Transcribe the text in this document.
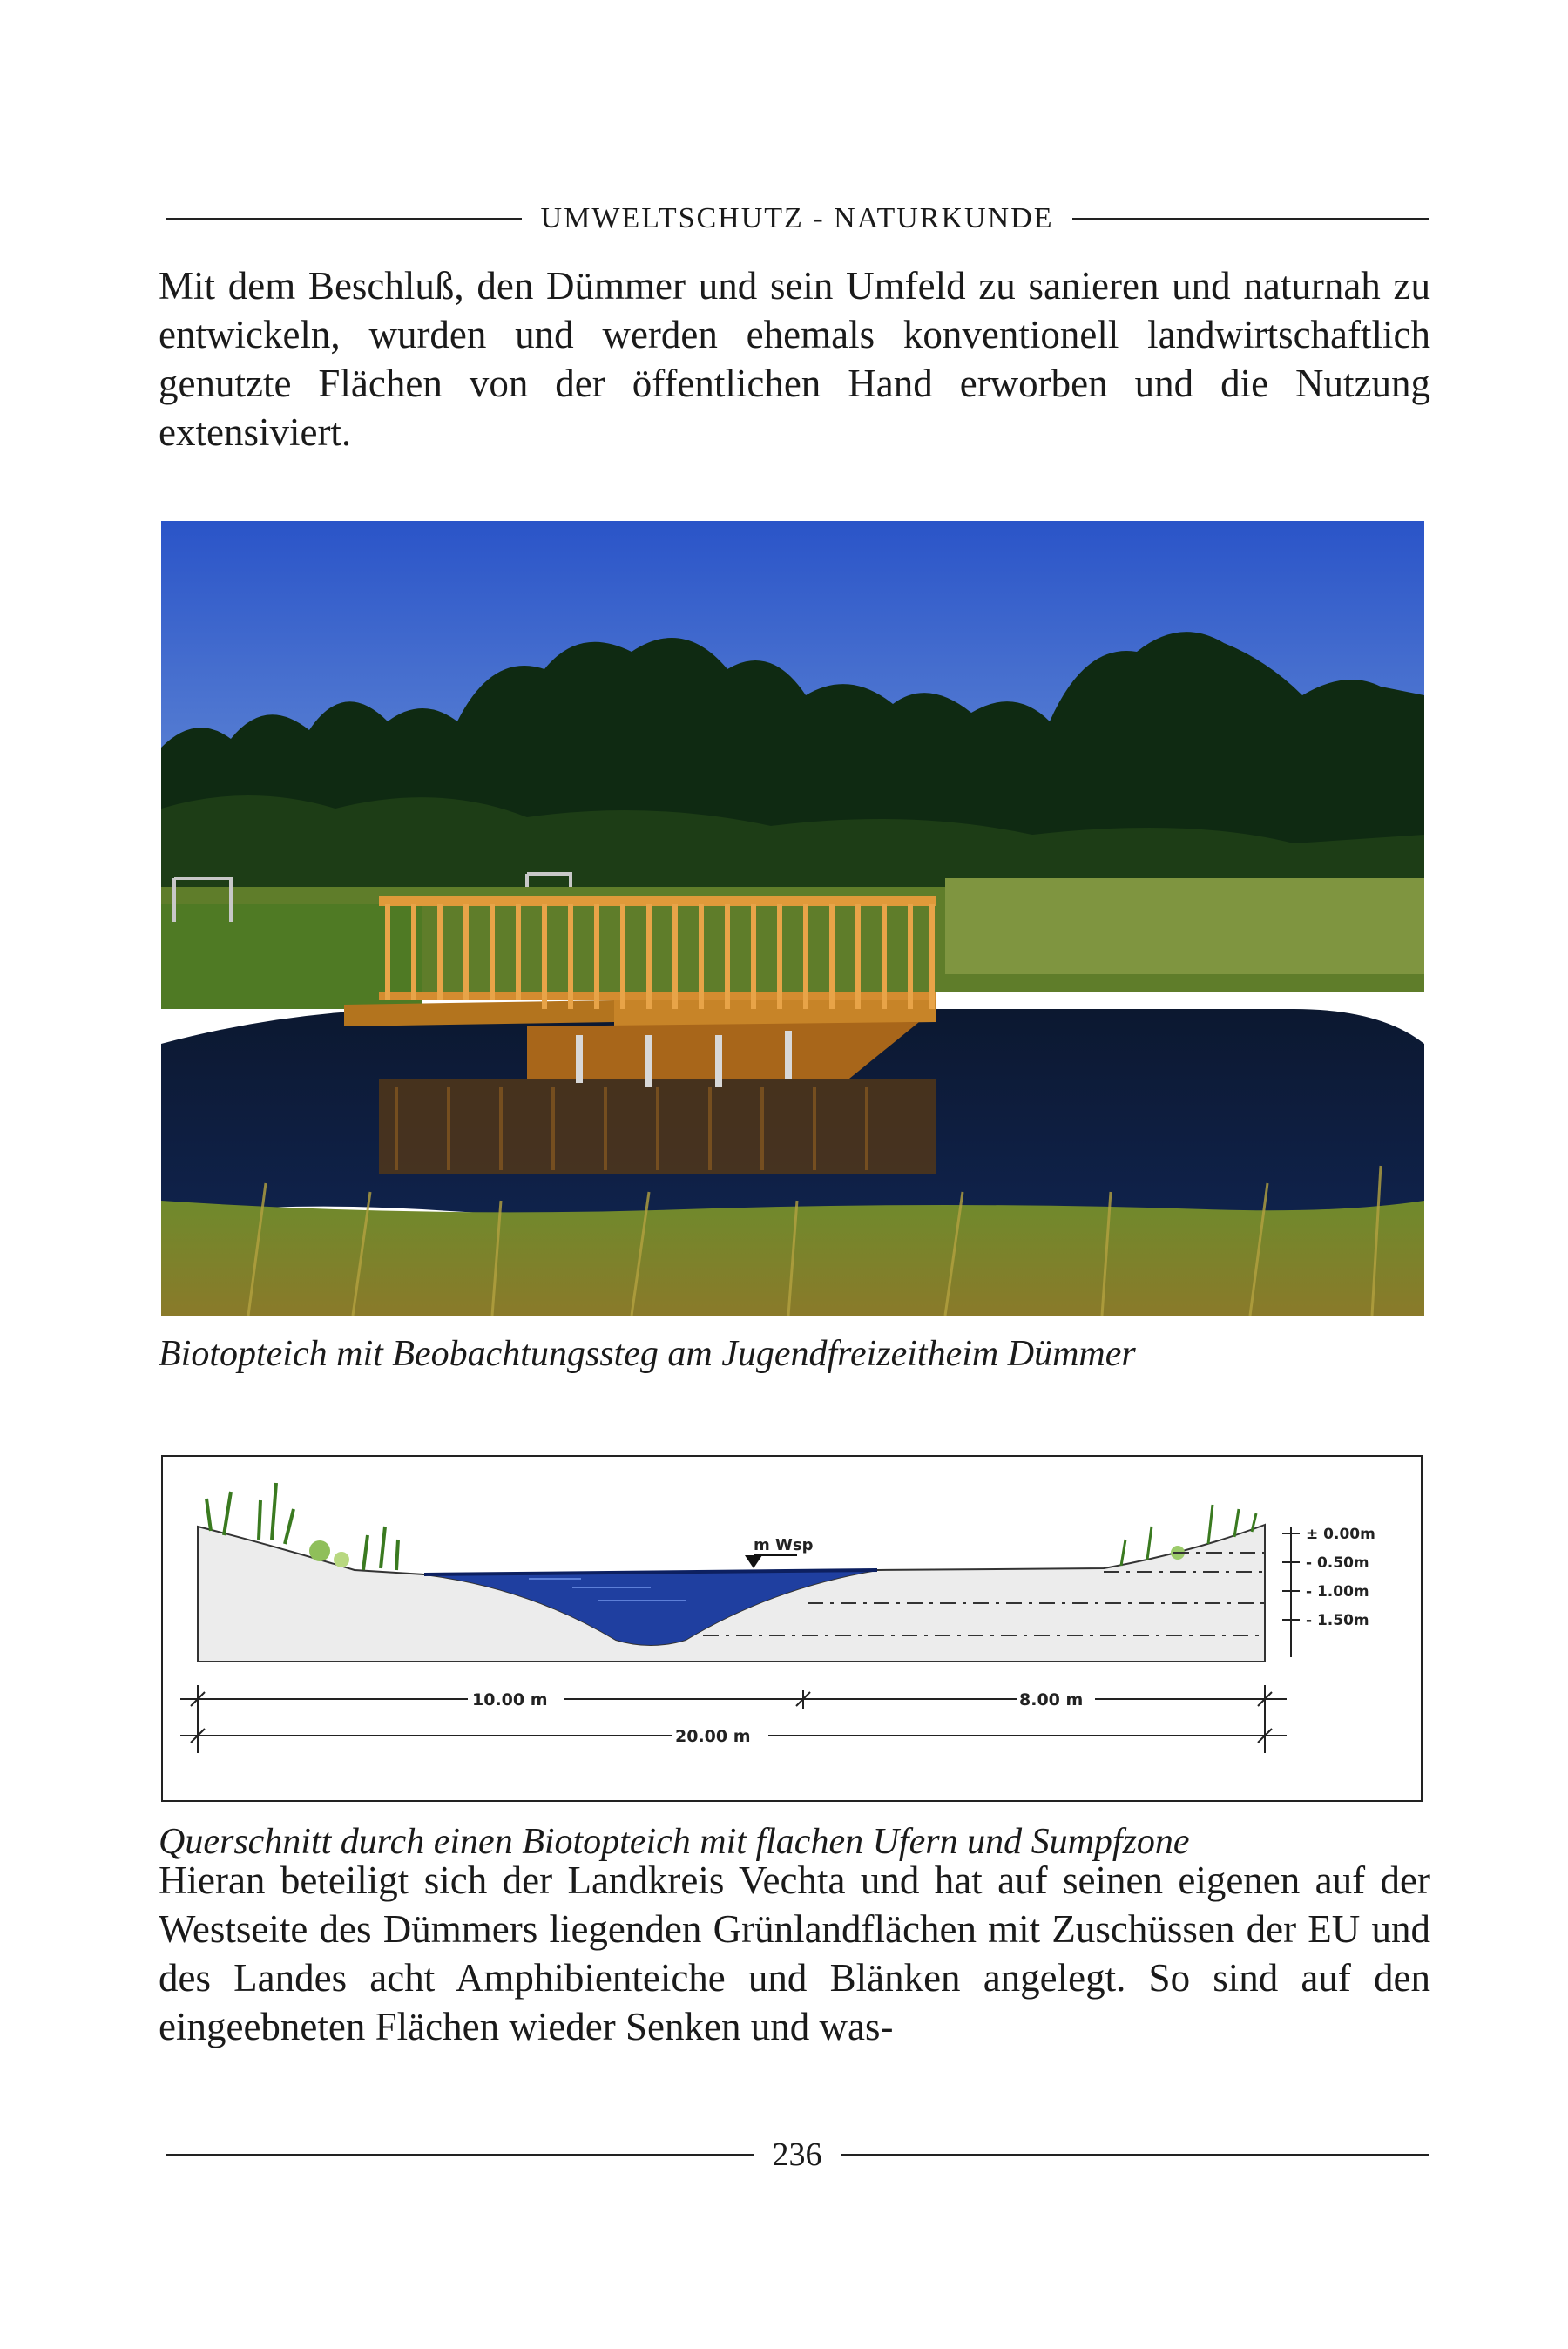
UMWELTSCHUTZ - NATURKUNDE

Mit dem Beschluß, den Dümmer und sein Umfeld zu sanieren und naturnah zu entwickeln, wurden und werden ehemals konventionell landwirtschaftlich genutzte Flächen von der öffentlichen Hand erworben und die Nutzung extensiviert.

Biotopteich mit Beobachtungssteg am Jugendfreizeitheim Dümmer
m Wsp
± 0.00m
- 0.50m
- 1.00m
- 1.50m
10.00 m	8.00 m
20.00 m
Querschnitt durch einen Biotopteich mit flachen Ufern und Sumpfzone

Hieran beteiligt sich der Landkreis Vechta und hat auf seinen eigenen auf der Westseite des Dümmers liegenden Grünlandflächen mit Zuschüssen der EU und des Landes acht Amphibienteiche und Blänken angelegt. So sind auf den eingeebneten Flächen wieder Senken und was-

236
